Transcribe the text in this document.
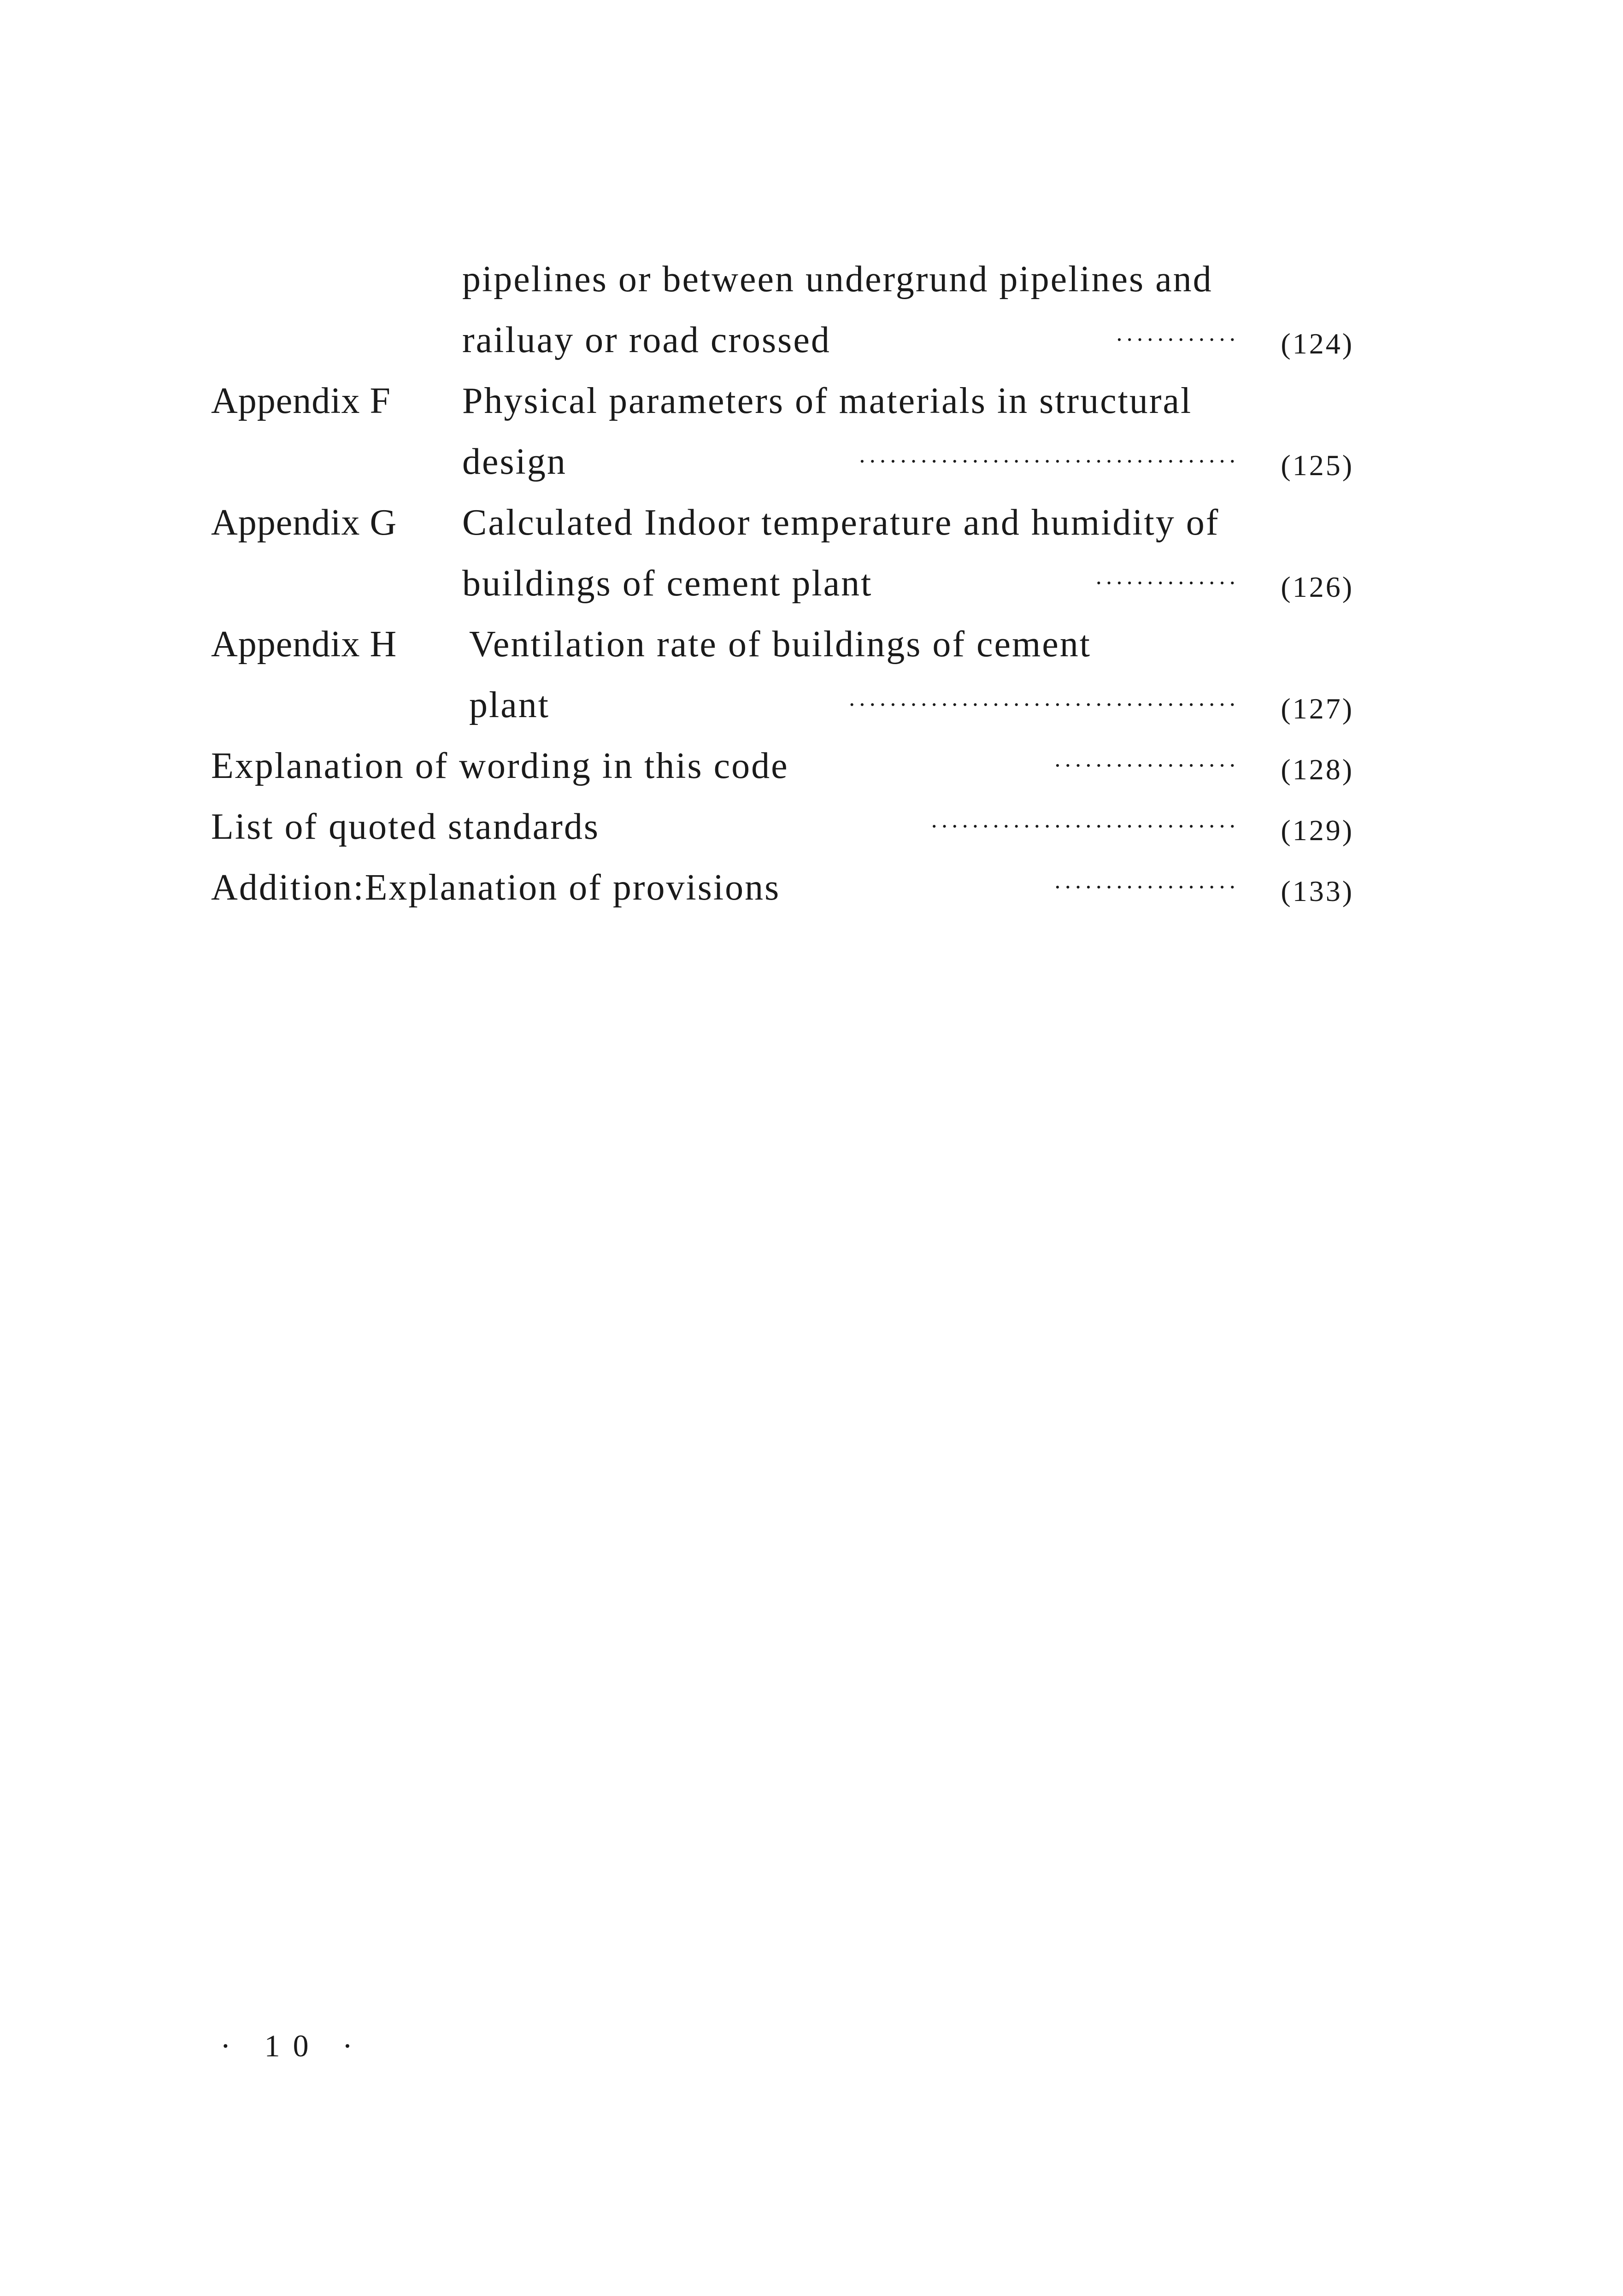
pipelines or between undergrund pipelines and
railuay or road crossed	············ (124)
Appendix F Physical parameters of materials in structural
design	····································· (125)
Appendix G Calculated Indoor temperature and humidity of
buildings of cement plant	·············· (126)
Appendix H Ventilation rate of buildings of cement
plant	······································ (127)
Explanation of wording in this code	·················· (128)
List of quoted standards	······························ (129)
Addition:Explanation of provisions	·················· (133)
· 10 ·
